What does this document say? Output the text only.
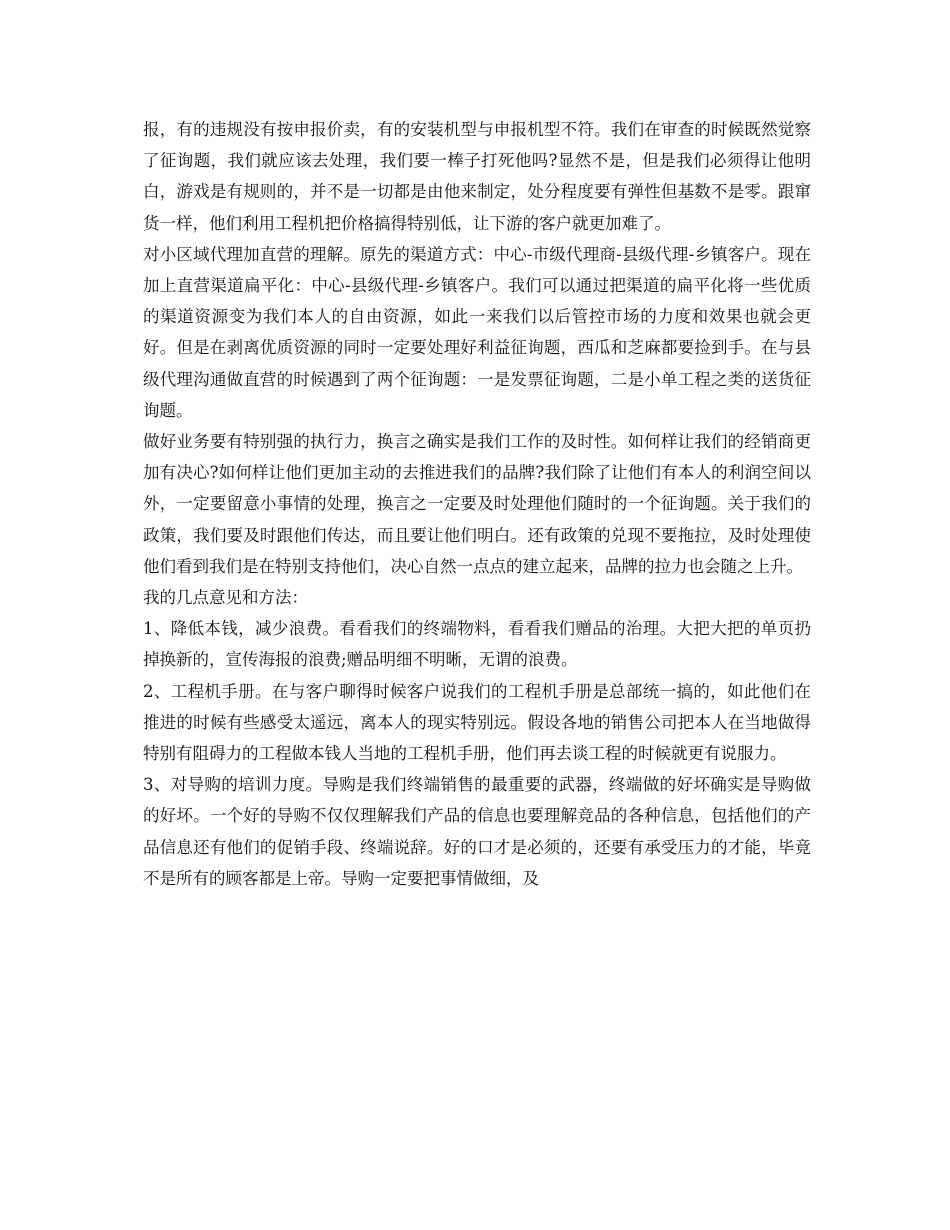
报，有的违规没有按申报价卖，有的安装机型与申报机型不符。我们在审查的时候既然觉察了征询题，我们就应该去处理，我们要一棒子打死他吗?显然不是，但是我们必须得让他明白，游戏是有规则的，并不是一切都是由他来制定，处分程度要有弹性但基数不是零。跟窜货一样，他们利用工程机把价格搞得特别低，让下游的客户就更加难了。

对小区域代理加直营的理解。原先的渠道方式：中心-市级代理商-县级代理-乡镇客户。现在加上直营渠道扁平化：中心-县级代理-乡镇客户。我们可以通过把渠道的扁平化将一些优质的渠道资源变为我们本人的自由资源，如此一来我们以后管控市场的力度和效果也就会更好。但是在剥离优质资源的同时一定要处理好利益征询题，西瓜和芝麻都要捡到手。在与县级代理沟通做直营的时候遇到了两个征询题：一是发票征询题，二是小单工程之类的送货征询题。

做好业务要有特别强的执行力，换言之确实是我们工作的及时性。如何样让我们的经销商更加有决心?如何样让他们更加主动的去推进我们的品牌?我们除了让他们有本人的利润空间以外，一定要留意小事情的处理，换言之一定要及时处理他们随时的一个征询题。关于我们的政策，我们要及时跟他们传达，而且要让他们明白。还有政策的兑现不要拖拉，及时处理使他们看到我们是在特别支持他们，决心自然一点点的建立起来，品牌的拉力也会随之上升。

我的几点意见和方法：

1、降低本钱，减少浪费。看看我们的终端物料，看看我们赠品的治理。大把大把的单页扔掉换新的，宣传海报的浪费;赠品明细不明晰，无谓的浪费。

2、工程机手册。在与客户聊得时候客户说我们的工程机手册是总部统一搞的，如此他们在推进的时候有些感受太遥远，离本人的现实特别远。假设各地的销售公司把本人在当地做得特别有阻碍力的工程做本钱人当地的工程机手册，他们再去谈工程的时候就更有说服力。

3、对导购的培训力度。导购是我们终端销售的最重要的武器，终端做的好坏确实是导购做的好坏。一个好的导购不仅仅理解我们产品的信息也要理解竞品的各种信息，包括他们的产品信息还有他们的促销手段、终端说辞。好的口才是必须的，还要有承受压力的才能，毕竟不是所有的顾客都是上帝。导购一定要把事情做细，及
